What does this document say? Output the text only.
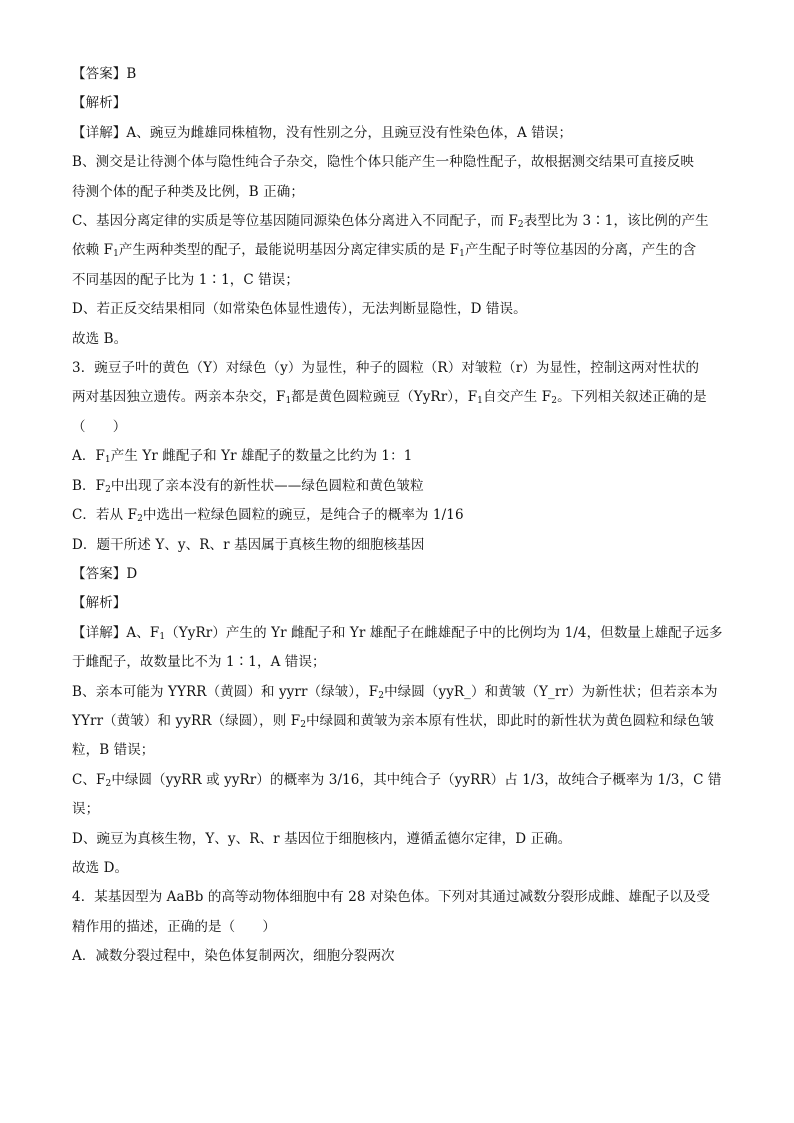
【答案】B
【解析】
【详解】A、豌豆为雌雄同株植物，没有性别之分，且豌豆没有性染色体，A 错误；
B、测交是让待测个体与隐性纯合子杂交，隐性个体只能产生一种隐性配子，故根据测交结果可直接反映
待测个体的配子种类及比例，B 正确；
C、基因分离定律的实质是等位基因随同源染色体分离进入不同配子，而 $F_2$表型比为 3∶1，该比例的产生
依赖 $F_1$产生两种类型的配子，最能说明基因分离定律实质的是 $F_1$产生配子时等位基因的分离，产生的含
不同基因的配子比为 1∶1，C 错误；
D、若正反交结果相同（如常染色体显性遗传），无法判断显隐性，D 错误。
故选 B。
3．豌豆子叶的黄色（Y）对绿色（y）为显性，种子的圆粒（R）对皱粒（r）为显性，控制这两对性状的
两对基因独立遗传。两亲本杂交，$F_1$都是黄色圆粒豌豆（YyRr），$F_1$自交产生 $F_2$。下列相关叙述正确的是
（　　）
A．$F_1$产生 Yr 雌配子和 Yr 雄配子的数量之比约为 1：1
B．$F_2$中出现了亲本没有的新性状——绿色圆粒和黄色皱粒
C．若从 $F_2$中选出一粒绿色圆粒的豌豆，是纯合子的概率为 1/16
D．题干所述 Y、y、R、r 基因属于真核生物的细胞核基因
【答案】D
【解析】
【详解】A、$F_1(YyRr)$产生的 Yr 雌配子和 Yr 雄配子在雌雄配子中的比例均为 1/4，但数量上雄配子远多
于雌配子，故数量比不为 1∶1，A 错误；
B、亲本可能为 YYRR（黄圆）和 yyrr（绿皱），$F_2$中绿圆（yyR_）和黄皱（Y_rr）为新性状；但若亲本为
YYrr（黄皱）和 yyRR（绿圆），则 $F_2$中绿圆和黄皱为亲本原有性状，即此时的新性状为黄色圆粒和绿色皱
粒，B 错误；
C、$F_2$中绿圆（yyRR 或 yyRr）的概率为 3/16，其中纯合子（yyRR）占 1/3，故纯合子概率为 1/3，C 错
误；
D、豌豆为真核生物，Y、y、R、r 基因位于细胞核内，遵循孟德尔定律，D 正确。
故选 D。
4．某基因型为 AaBb 的高等动物体细胞中有 28 对染色体。下列对其通过减数分裂形成雌、雄配子以及受
精作用的描述，正确的是（　　）
A．减数分裂过程中，染色体复制两次，细胞分裂两次
